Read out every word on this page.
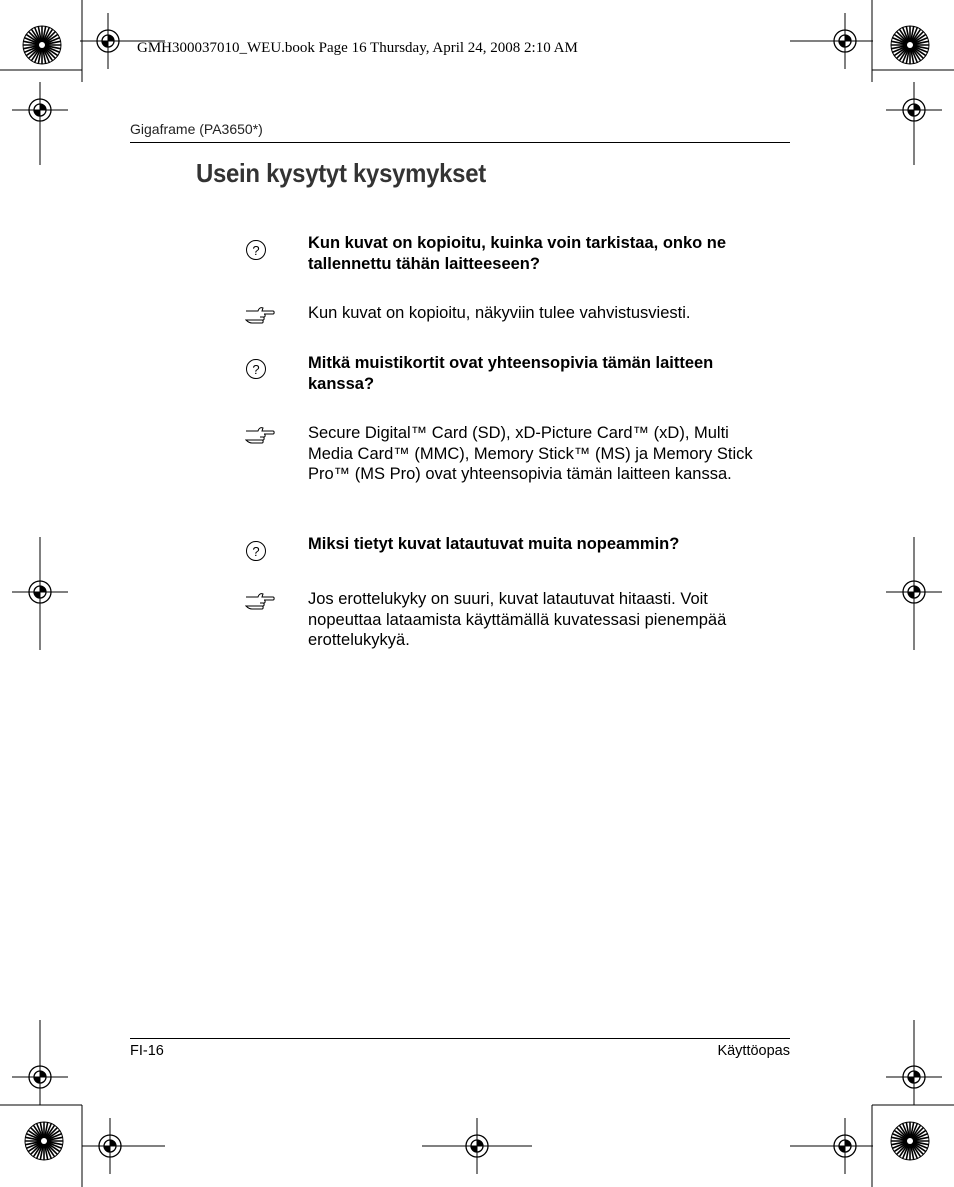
GMH300037010_WEU.book Page 16 Thursday, April 24, 2008 2:10 AM
Gigaframe (PA3650*)
Usein kysytyt kysymykset
?	Kun kuvat on kopioitu, kuinka voin tarkistaa, onko ne tallennettu tähän laitteeseen?
Kun kuvat on kopioitu, näkyviin tulee vahvistusviesti.
?	Mitkä muistikortit ovat yhteensopivia tämän laitteen kanssa?
Secure Digital™ Card (SD), xD-Picture Card™ (xD), Multi Media Card™ (MMC), Memory Stick™ (MS) ja Memory Stick Pro™ (MS Pro) ovat yhteensopivia tämän laitteen kanssa.
?	Miksi tietyt kuvat latautuvat muita nopeammin?
Jos erottelukyky on suuri, kuvat latautuvat hitaasti. Voit nopeuttaa lataamista käyttämällä kuvatessasi pienempää erottelukykyä.
FI-16	Käyttöopas
